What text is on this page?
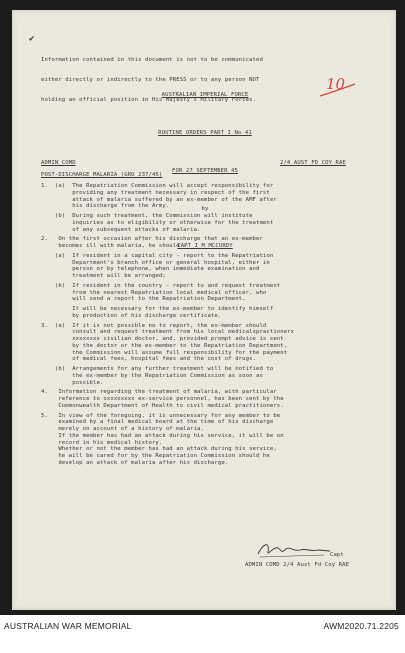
✔

Information contained in this document is not to be communicated

either directly or indirectly to the PRESS or to any person NOT

holding an official position in His Majesty's Military Forces.

AUSTRALIAN IMPERIAL FORCE

ROUTINE ORDERS PART I No 41

FOR 27 SEPTEMBER 45

by

CAPT I M MCCURDY

10
ADMIN COMD	2/4 AUST FD COY RAE
POST-DISCHARGE MALARIA (GRO 237/45)
1.  (a)  The Repatriation Commission will accept responsibility for
providing any treatment necessary in respect of the first
attack of malaria suffered by an ex-member of the AMF after
his discharge from the Army.
(b)  During such treatment, the Commission will institute
inquiries as to eligibility or otherwise for the treatment
of any subsequent attacks of malaria.
2.   On the first occasion after his discharge that an ex-member
becomes ill with malaria, he should -
(a)  If resident in a capital city - report to the Repatriation
Department's branch office or general hospital, either in
person or by telephone, when immediate examination and
treatment will be arranged;
(b)  If resident in the country - report to and request treatment
from the nearest Repatriation local medical officer, who
will send a report to the Repatriation Department.
It will be necessary for the ex-member to identify himself
by production of his discharge certificate.
3.  (a)  If it is not possible no to report, the ex-member should
consult and request treatment from his local medicalxpractionerx
xxxxxxxx civilian doctor, and, provided prompt advice is sent
by the doctor or the ex-member to the Repatriation Department,
the Commission will assume full responsibility for the payment
of medical fees, hospital fees and the cost of drugs.
(b)  Arrangements for any further treatment will be notified to
the ex-member by the Repatriation Commission as soon as
possible.
4.   Information regarding the treatment of malaria, with particular
reference to xxxxxxxxx ex-service personnel, has been sent by the
Commonwealth Department of Health to civil medical practitioners.
5.   In view of the foregoing, it is unnecessary for any member to be
examined by a final medical board at the time of his discharge
merely on account of a history of malaria.
If the member has had an attack during his service, it will be on
record in his medical history.
Whether or not the member has had an attack during his service,
he will be cared for by the Repatriation Commission should he
develop an attack of malaria after his discharge.
Capt
ADMIN COMD 2/4 Aust Fd Coy RAE
AUSTRALIAN WAR MEMORIAL	AWM2020.71.2205
